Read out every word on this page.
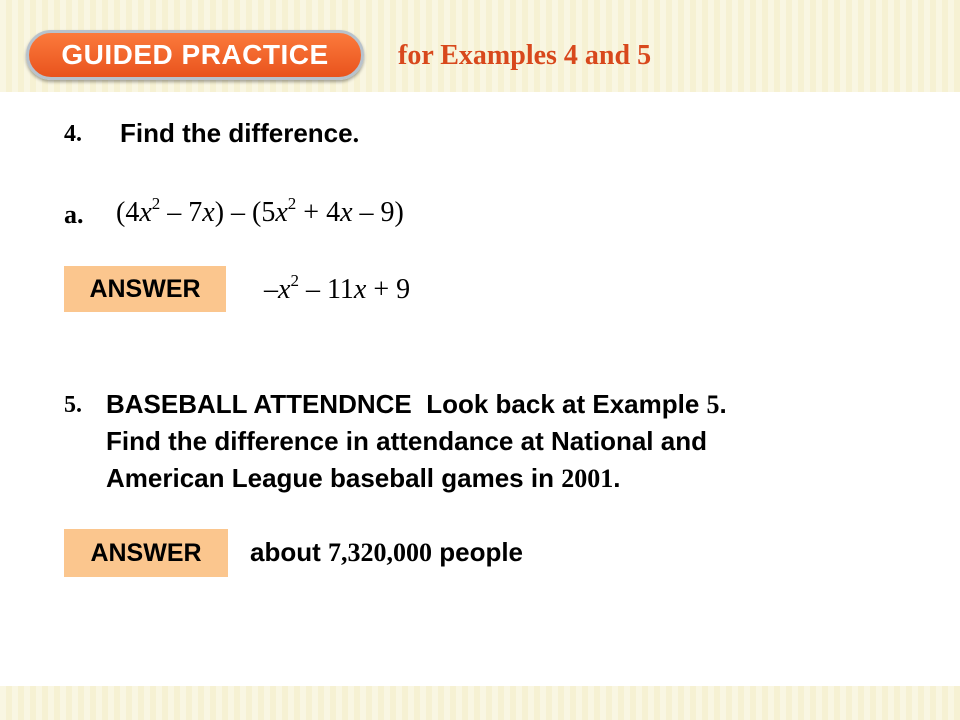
GUIDED PRACTICE	for Examples 4 and 5
4. Find the difference.
a. $(4x^2 - 7x) - (5x^2 + 4x - 9)$
ANSWER	$-x^2 - 11x + 9$
5. BASEBALL ATTENDNCE  Look back at Example 5.
Find the difference in attendance at National and
American League baseball games in 2001.
ANSWER	about 7,320,000 people
